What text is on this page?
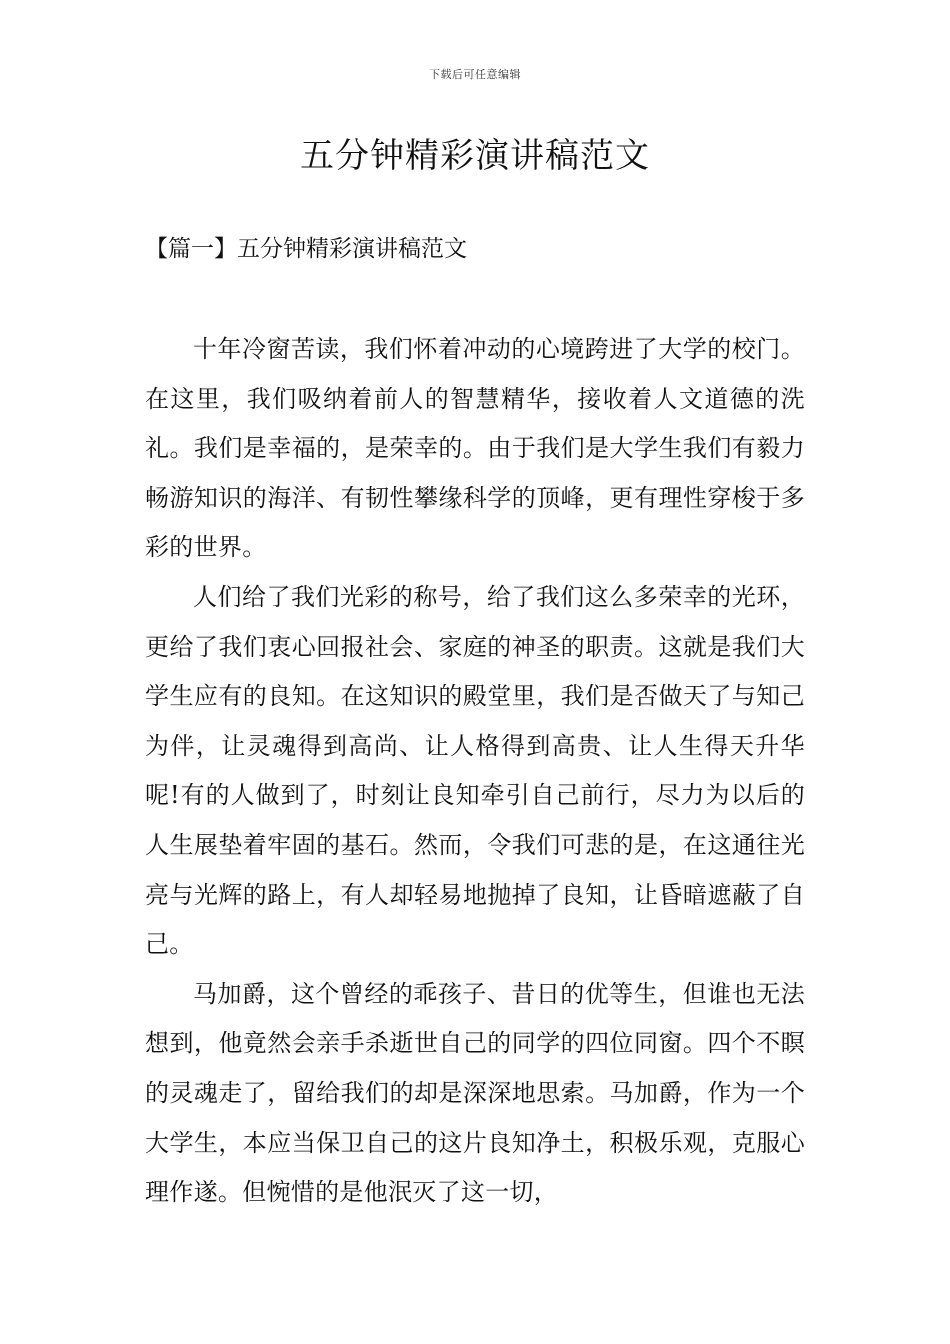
下载后可任意编辑
五分钟精彩演讲稿范文
【篇一】五分钟精彩演讲稿范文

十年冷窗苦读，我们怀着冲动的心境跨进了大学的校门。在这里，我们吸纳着前人的智慧精华，接收着人文道德的洗礼。我们是幸福的，是荣幸的。由于我们是大学生我们有毅力畅游知识的海洋、有韧性攀缘科学的顶峰，更有理性穿梭于多彩的世界。

人们给了我们光彩的称号，给了我们这么多荣幸的光环，更给了我们衷心回报社会、家庭的神圣的职责。这就是我们大学生应有的良知。在这知识的殿堂里，我们是否做天了与知己为伴，让灵魂得到高尚、让人格得到高贵、让人生得天升华呢!有的人做到了，时刻让良知牵引自己前行，尽力为以后的人生展垫着牢固的基石。然而，令我们可悲的是，在这通往光亮与光辉的路上，有人却轻易地抛掉了良知，让昏暗遮蔽了自己。

马加爵，这个曾经的乖孩子、昔日的优等生，但谁也无法想到，他竟然会亲手杀逝世自己的同学的四位同窗。四个不瞑的灵魂走了，留给我们的却是深深地思索。马加爵，作为一个大学生，本应当保卫自己的这片良知净土，积极乐观，克服心理作遂。但惋惜的是他泯灭了这一切，
